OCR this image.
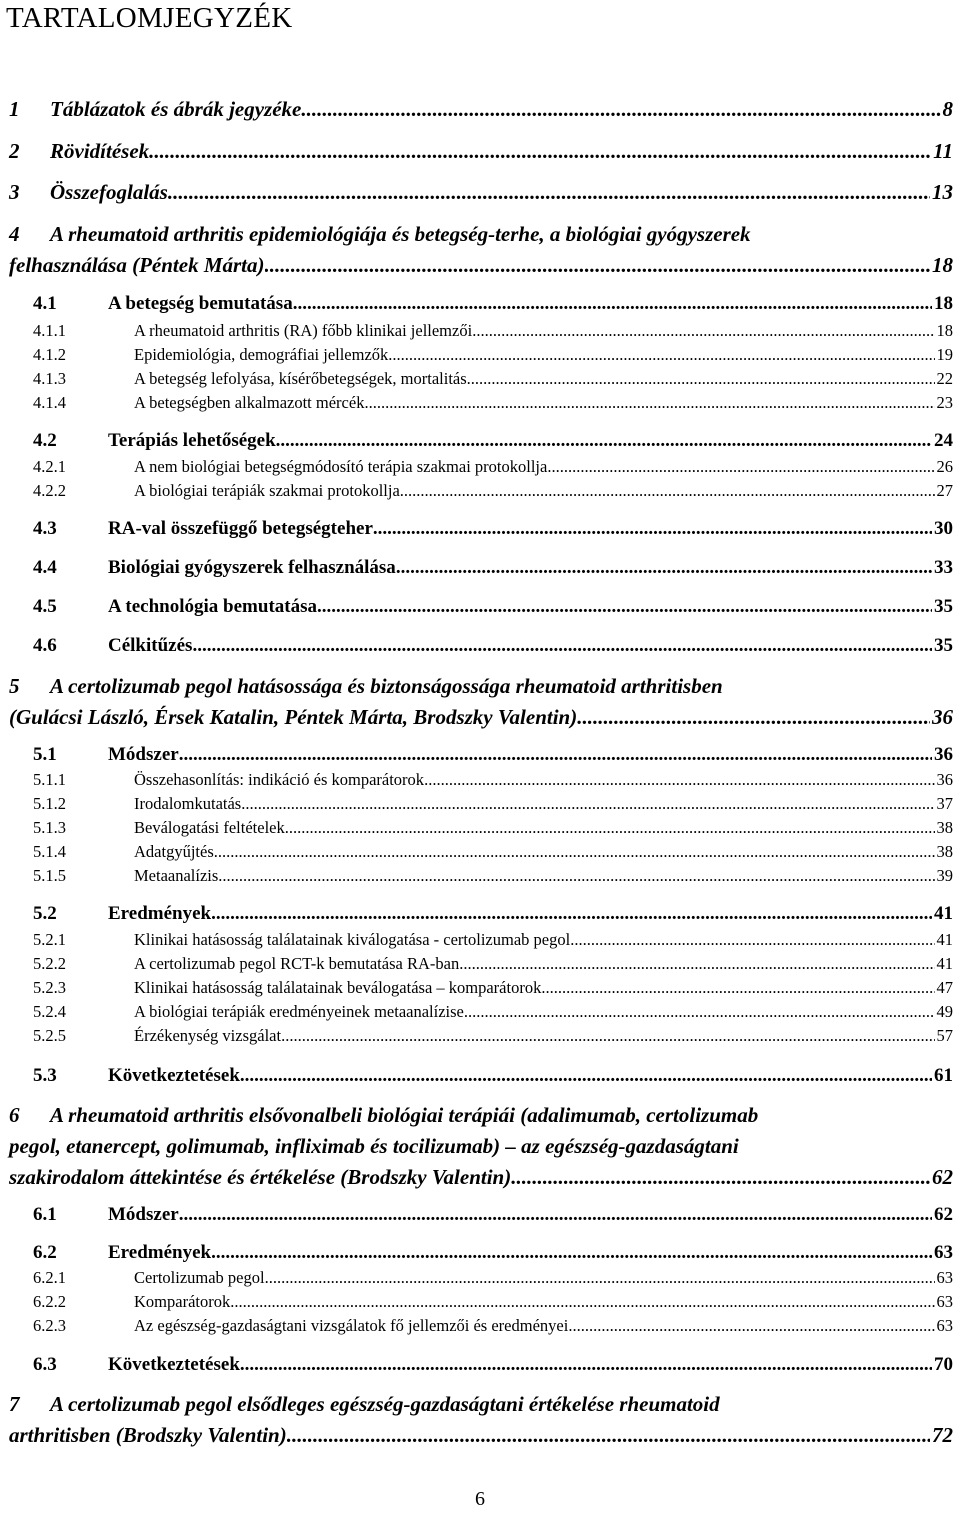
TARTALOMJEGYZÉK
1	Táblázatok és ábrák jegyzéke .....	8
2	Rövidítések .....	11
3	Összefoglalás .....	13
4	A rheumatoid arthritis epidemiológiája és betegség-terhe, a biológiai gyógyszerek
felhasználása (Péntek Márta) .....	18
4.1	A betegség bemutatása .....	18
4.1.1	A rheumatoid arthritis (RA) főbb klinikai jellemzői .....	18
4.1.2	Epidemiológia, demográfiai jellemzők .....	19
4.1.3	A betegség lefolyása, kísérőbetegségek, mortalitás .....	22
4.1.4	A betegségben alkalmazott mércék .....	23
4.2	Terápiás lehetőségek .....	24
4.2.1	A nem biológiai betegségmódosító terápia szakmai protokollja .....	26
4.2.2	A biológiai terápiák szakmai protokollja .....	27
4.3	RA-val összefüggő betegségteher .....	30
4.4	Biológiai gyógyszerek felhasználása .....	33
4.5	A technológia bemutatása .....	35
4.6	Célkitűzés .....	35
5	A certolizumab pegol hatásossága és biztonságossága rheumatoid arthritisben
(Gulácsi László, Érsek Katalin, Péntek Márta, Brodszky Valentin) .....	36
5.1	Módszer .....	36
5.1.1	Összehasonlítás: indikáció és komparátorok .....	36
5.1.2	Irodalomkutatás .....	37
5.1.3	Beválogatási feltételek .....	38
5.1.4	Adatgyűjtés .....	38
5.1.5	Metaanalízis .....	39
5.2	Eredmények .....	41
5.2.1	Klinikai hatásosság találatainak kiválogatása - certolizumab pegol .....	41
5.2.2	A certolizumab pegol RCT-k bemutatása RA-ban .....	41
5.2.3	Klinikai hatásosság találatainak beválogatása – komparátorok .....	47
5.2.4	A biológiai terápiák eredményeinek metaanalízise .....	49
5.2.5	Érzékenység vizsgálat .....	57
5.3	Következtetések .....	61
6	A rheumatoid arthritis elsővonalbeli biológiai terápiái (adalimumab, certolizumab
pegol, etanercept, golimumab, infliximab és tocilizumab) – az egészség-gazdaságtani
szakirodalom áttekintése és értékelése (Brodszky Valentin) .....	62
6.1	Módszer .....	62
6.2	Eredmények .....	63
6.2.1	Certolizumab pegol .....	63
6.2.2	Komparátorok .....	63
6.2.3	Az egészség-gazdaságtani vizsgálatok fő jellemzői és eredményei .....	63
6.3	Következtetések .....	70
7	A certolizumab pegol elsődleges egészség-gazdaságtani értékelése rheumatoid
arthritisben (Brodszky Valentin) .....	72
6
